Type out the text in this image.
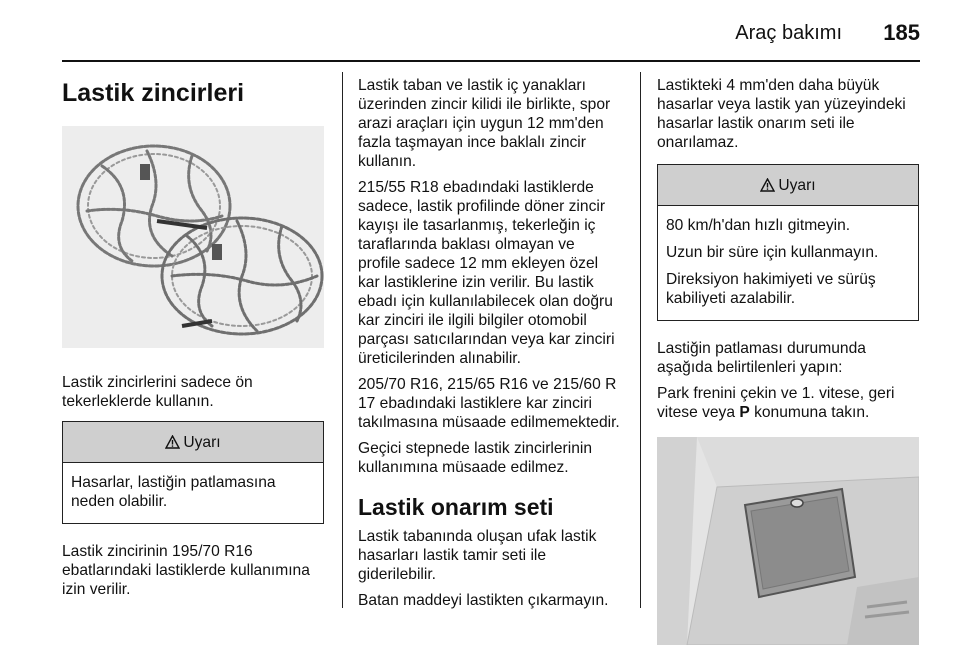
Araç bakımı 185
Lastik zincirleri

Lastik zincirlerini sadece ön tekerleklerde kullanın.

Uyarı

Hasarlar, lastiğin patlamasına neden olabilir.

Lastik zincirinin 195/70 R16 ebatlarındaki lastiklerde kullanımına izin verilir.

Lastik taban ve lastik iç yanakları üzerinden zincir kilidi ile birlikte, spor arazi araçları için uygun 12 mm'den fazla taşmayan ince baklalı zincir kullanın.

215/55 R18 ebadındaki lastiklerde sadece, lastik profilinde döner zincir kayışı ile tasarlanmış, tekerleğin iç taraflarında baklası olmayan ve profile sadece 12 mm ekleyen özel kar lastiklerine izin verilir. Bu lastik ebadı için kullanılabilecek olan doğru kar zinciri ile ilgili bilgiler otomobil parçası satıcılarından veya kar zinciri üreticilerinden alınabilir.

205/70 R16, 215/65 R16 ve 215/60 R 17 ebadındaki lastiklere kar zinciri takılmasına müsaade edilmemektedir.

Geçici stepnede lastik zincirlerinin kullanımına müsaade edilmez.

Lastik onarım seti

Lastik tabanında oluşan ufak lastik hasarları lastik tamir seti ile giderilebilir.

Batan maddeyi lastikten çıkarmayın.

Lastikteki 4 mm'den daha büyük hasarlar veya lastik yan yüzeyindeki hasarlar lastik onarım seti ile onarılamaz.

Uyarı

80 km/h'dan hızlı gitmeyin.

Uzun bir süre için kullanmayın.

Direksiyon hakimiyeti ve sürüş kabiliyeti azalabilir.

Lastiğin patlaması durumunda aşağıda belirtilenleri yapın:

Park frenini çekin ve 1. vitese, geri vitese veya P konumuna takın.
